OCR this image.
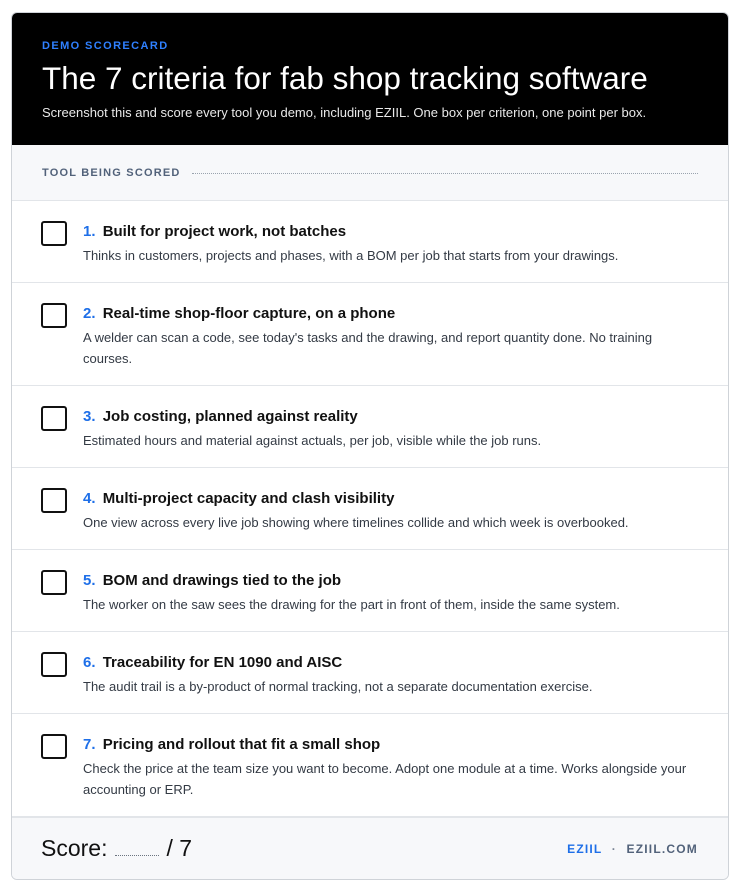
DEMO SCORECARD
The 7 criteria for fab shop tracking software
Screenshot this and score every tool you demo, including EZIIL. One box per criterion, one point per box.
TOOL BEING SCORED
1. Built for project work, not batches
Thinks in customers, projects and phases, with a BOM per job that starts from your drawings.
2. Real-time shop-floor capture, on a phone
A welder can scan a code, see today's tasks and the drawing, and report quantity done. No training courses.
3. Job costing, planned against reality
Estimated hours and material against actuals, per job, visible while the job runs.
4. Multi-project capacity and clash visibility
One view across every live job showing where timelines collide and which week is overbooked.
5. BOM and drawings tied to the job
The worker on the saw sees the drawing for the part in front of them, inside the same system.
6. Traceability for EN 1090 and AISC
The audit trail is a by-product of normal tracking, not a separate documentation exercise.
7. Pricing and rollout that fit a small shop
Check the price at the team size you want to become. Adopt one module at a time. Works alongside your accounting or ERP.
Score:	/ 7	EZIIL · EZIIL.COM
